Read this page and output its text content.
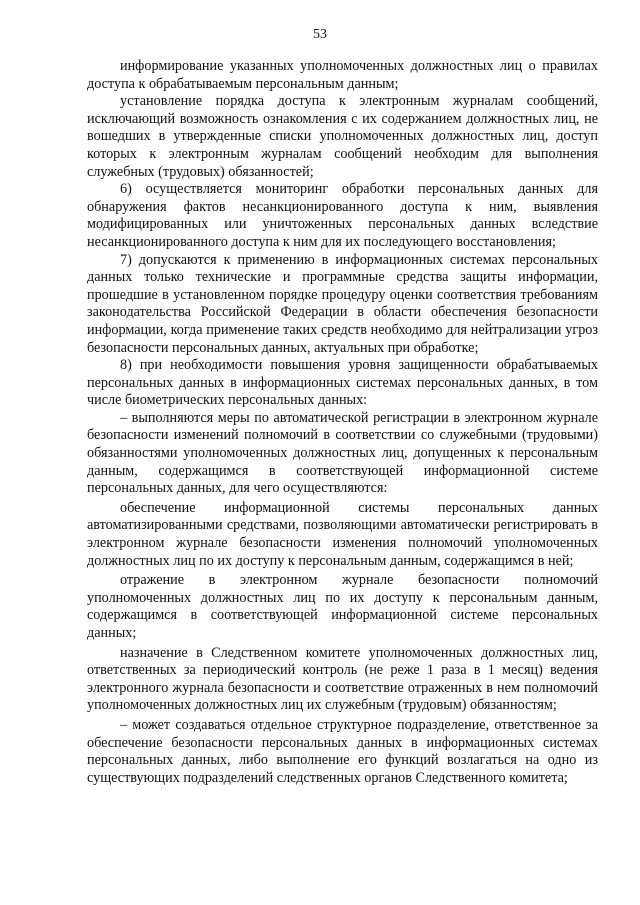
53

информирование указанных уполномоченных должностных лиц о правилах доступа к обрабатываемым персональным данным;

установление порядка доступа к электронным журналам сообщений, исключающий возможность ознакомления с их содержанием должностных лиц, не вошедших в утвержденные списки уполномоченных должностных лиц, доступ которых к электронным журналам сообщений необходим для выполнения служебных (трудовых) обязанностей;

6) осуществляется мониторинг обработки персональных данных для обнаружения фактов несанкционированного доступа к ним, выявления модифицированных или уничтоженных персональных данных вследствие несанкционированного доступа к ним для их последующего восстановления;

7) допускаются к применению в информационных системах персональных данных только технические и программные средства защиты информации, прошедшие в установленном порядке процедуру оценки соответствия требованиям законодательства Российской Федерации в области обеспечения безопасности информации, когда применение таких средств необходимо для нейтрализации угроз безопасности персональных данных, актуальных при обработке;

8) при необходимости повышения уровня защищенности обрабатываемых персональных данных в информационных системах персональных данных, в том числе биометрических персональных данных:

– выполняются меры по автоматической регистрации в электронном журнале безопасности изменений полномочий в соответствии со служебными (трудовыми) обязанностями уполномоченных должностных лиц, допущенных к персональным данным, содержащимся в соответствующей информационной системе персональных данных, для чего осуществляются:

обеспечение информационной системы персональных данных автоматизированными средствами, позволяющими автоматически регистрировать в электронном журнале безопасности изменения полномочий уполномоченных должностных лиц по их доступу к персональным данным, содержащимся в ней;

отражение в электронном журнале безопасности полномочий уполномоченных должностных лиц по их доступу к персональным данным, содержащимся в соответствующей информационной системе персональных данных;

назначение в Следственном комитете уполномоченных должностных лиц, ответственных за периодический контроль (не реже 1 раза в 1 месяц) ведения электронного журнала безопасности и соответствие отраженных в нем полномочий уполномоченных должностных лиц их служебным (трудовым) обязанностям;

– может создаваться отдельное структурное подразделение, ответственное за обеспечение безопасности персональных данных в информационных системах персональных данных, либо выполнение его функций возлагаться на одно из существующих подразделений следственных органов Следственного комитета;
